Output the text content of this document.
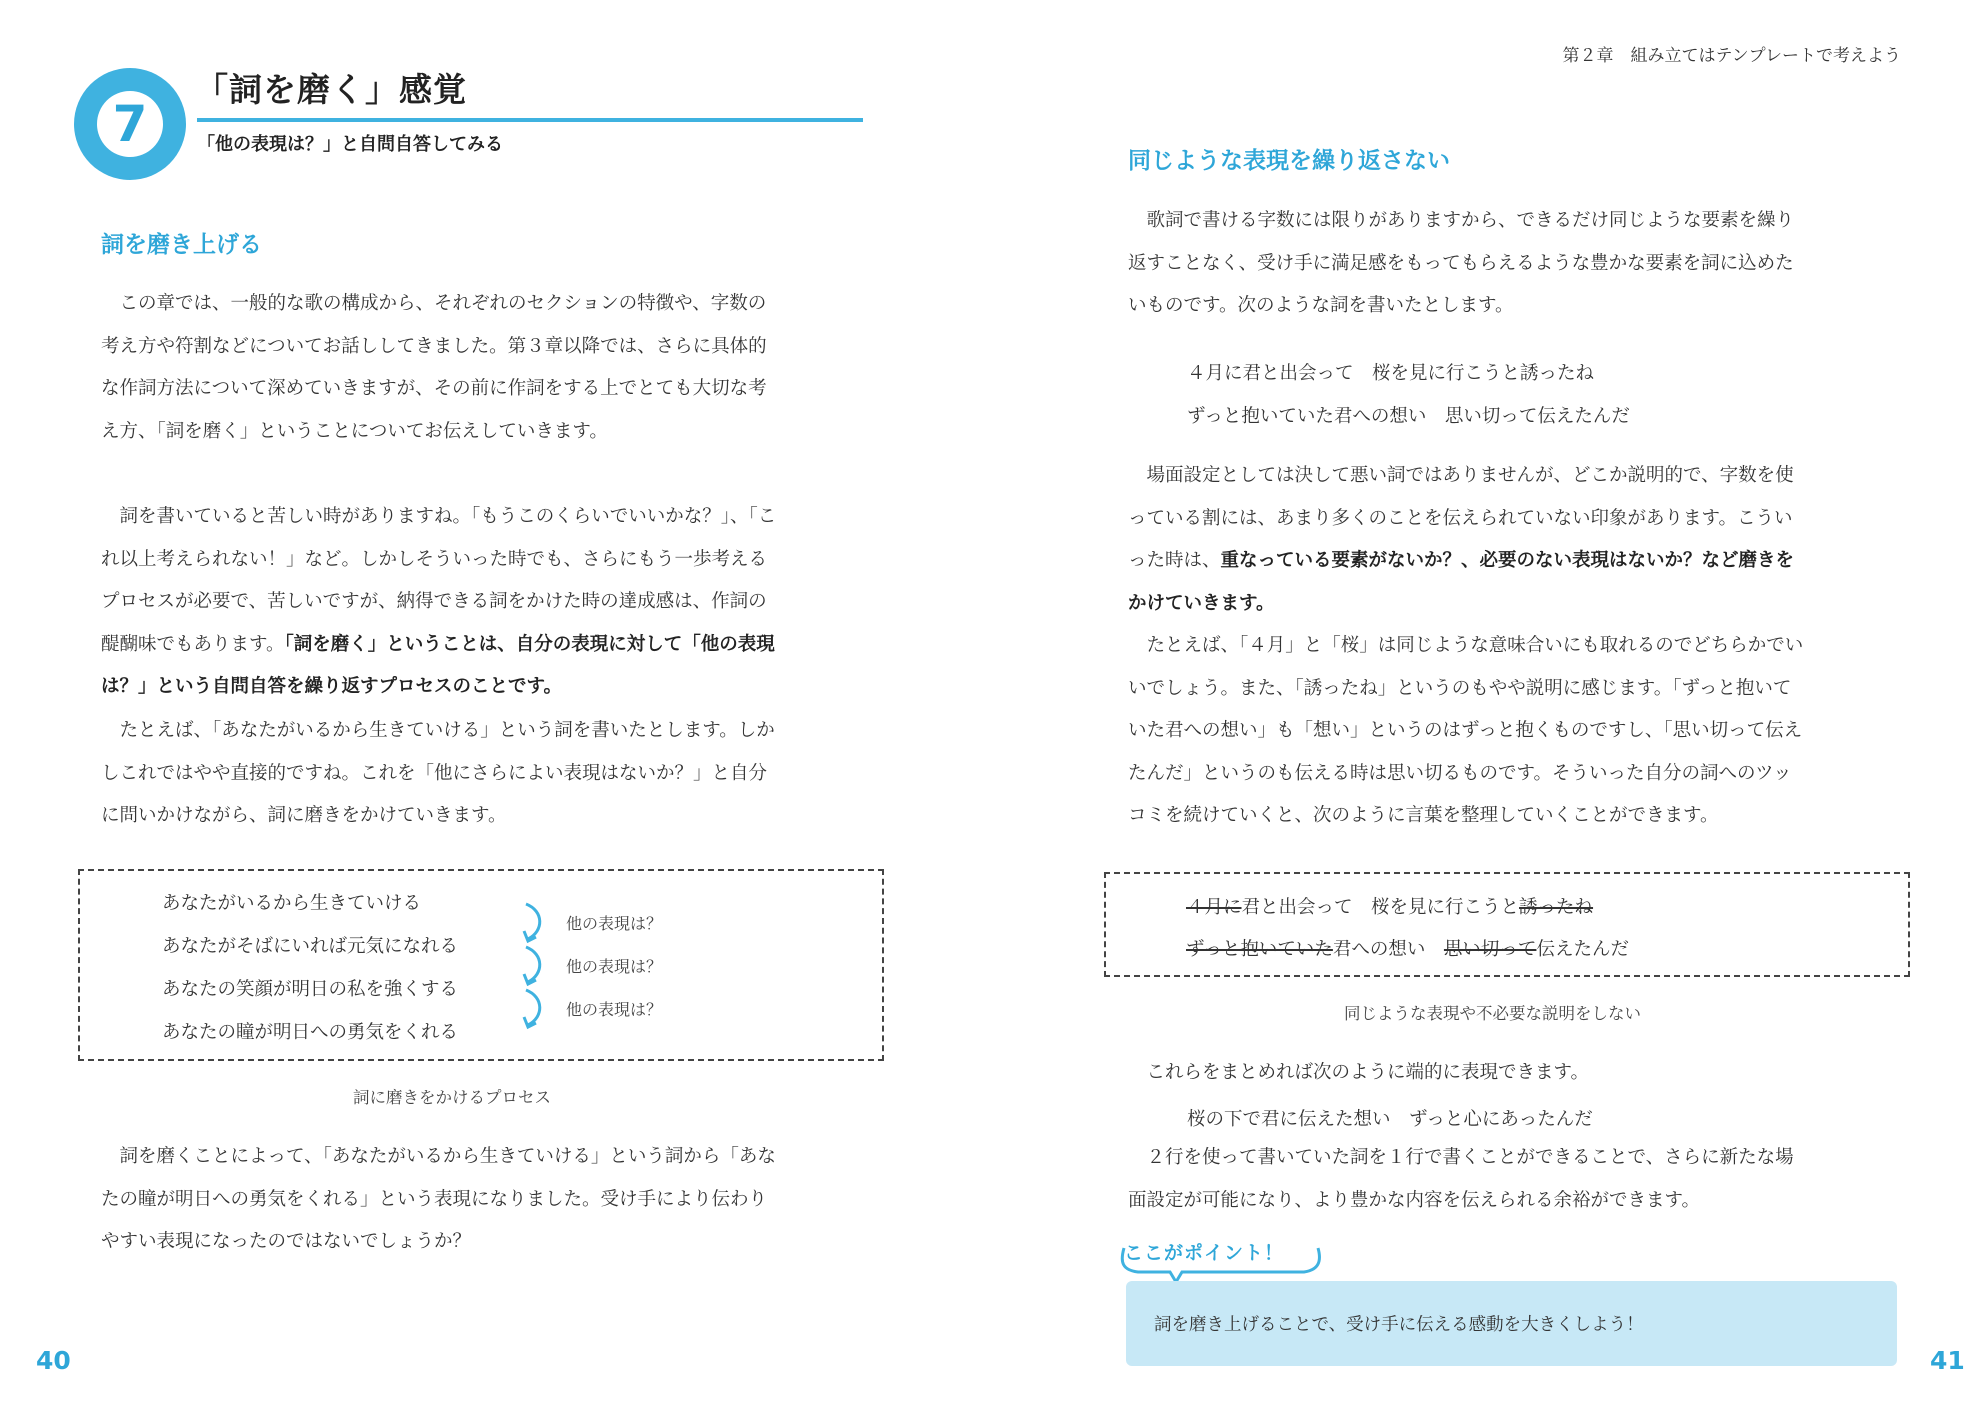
7
「詞を磨く」感覚
「他の表現は？」と自問自答してみる
詞を磨き上げる
　この章では、一般的な歌の構成から、それぞれのセクションの特徴や、字数の
考え方や符割などについてお話ししてきました。第３章以降では、さらに具体的
な作詞方法について深めていきますが、その前に作詞をする上でとても大切な考
え方、「詞を磨く」ということについてお伝えしていきます。
　詞を書いていると苦しい時がありますね。「もうこのくらいでいいかな？」、「こ
れ以上考えられない！」など。しかしそういった時でも、さらにもう一歩考える
プロセスが必要で、苦しいですが、納得できる詞をかけた時の達成感は、作詞の
醍醐味でもあります。「詞を磨く」ということは、自分の表現に対して「他の表現
は？」という自問自答を繰り返すプロセスのことです。
　たとえば、「あなたがいるから生きていける」という詞を書いたとします。しか
しこれではやや直接的ですね。これを「他にさらによい表現はないか？」と自分
に問いかけながら、詞に磨きをかけていきます。
あなたがいるから生きていける
あなたがそばにいれば元気になれる
あなたの笑顔が明日の私を強くする
あなたの瞳が明日への勇気をくれる
他の表現は？
他の表現は？
他の表現は？
詞に磨きをかけるプロセス
　詞を磨くことによって、「あなたがいるから生きていける」という詞から「あな
たの瞳が明日への勇気をくれる」という表現になりました。受け手により伝わり
やすい表現になったのではないでしょうか？
40
第２章　組み立てはテンプレートで考えよう
同じような表現を繰り返さない
　歌詞で書ける字数には限りがありますから、できるだけ同じような要素を繰り
返すことなく、受け手に満足感をもってもらえるような豊かな要素を詞に込めた
いものです。次のような詞を書いたとします。
４月に君と出会って　桜を見に行こうと誘ったね
ずっと抱いていた君への想い　思い切って伝えたんだ
　場面設定としては決して悪い詞ではありませんが、どこか説明的で、字数を使
っている割には、あまり多くのことを伝えられていない印象があります。こうい
った時は、重なっている要素がないか？、必要のない表現はないか？など磨きを
かけていきます。
　たとえば、「４月」と「桜」は同じような意味合いにも取れるのでどちらかでい
いでしょう。また、「誘ったね」というのもやや説明に感じます。「ずっと抱いて
いた君への想い」も「想い」というのはずっと抱くものですし、「思い切って伝え
たんだ」というのも伝える時は思い切るものです。そういった自分の詞へのツッ
コミを続けていくと、次のように言葉を整理していくことができます。
４月に君と出会って　桜を見に行こうと誘ったね
ずっと抱いていた君への想い　思い切って伝えたんだ
同じような表現や不必要な説明をしない
　これらをまとめれば次のように端的に表現できます。
桜の下で君に伝えた想い　ずっと心にあったんだ
　２行を使って書いていた詞を１行で書くことができることで、さらに新たな場
面設定が可能になり、より豊かな内容を伝えられる余裕ができます。
ここがポイント！
詞を磨き上げることで、受け手に伝える感動を大きくしよう！
41
